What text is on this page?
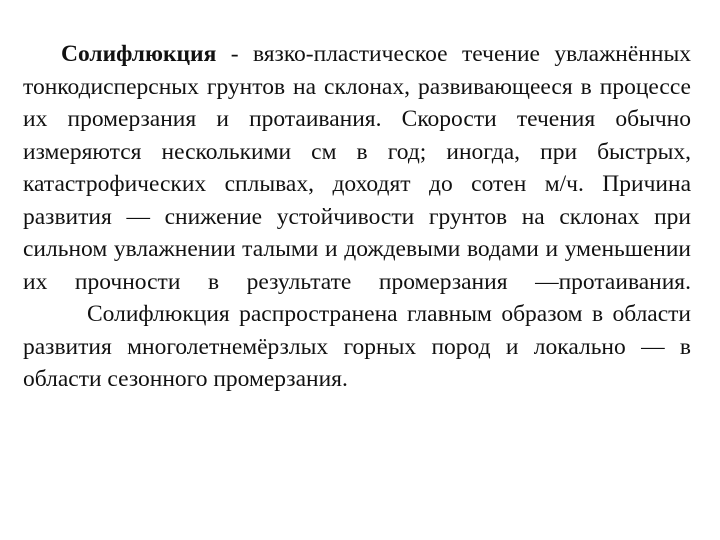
Солифлюкция - вязко-пластическое течение увлажнённых тонкодисперсных грунтов на склонах, развивающееся в процессе их промерзания и протаивания. Скорости течения обычно измеряются несколькими см в год; иногда, при быстрых, катастрофических сплывах, доходят до сотен м/ч. Причина развития — снижение устойчивости грунтов на склонах при сильном увлажнении талыми и дождевыми водами и уменьшении их прочности в результате промерзания —протаивания.

Солифлюкция распространена главным образом в области развития многолетнемёрзлых горных пород и локально — в области сезонного промерзания.
